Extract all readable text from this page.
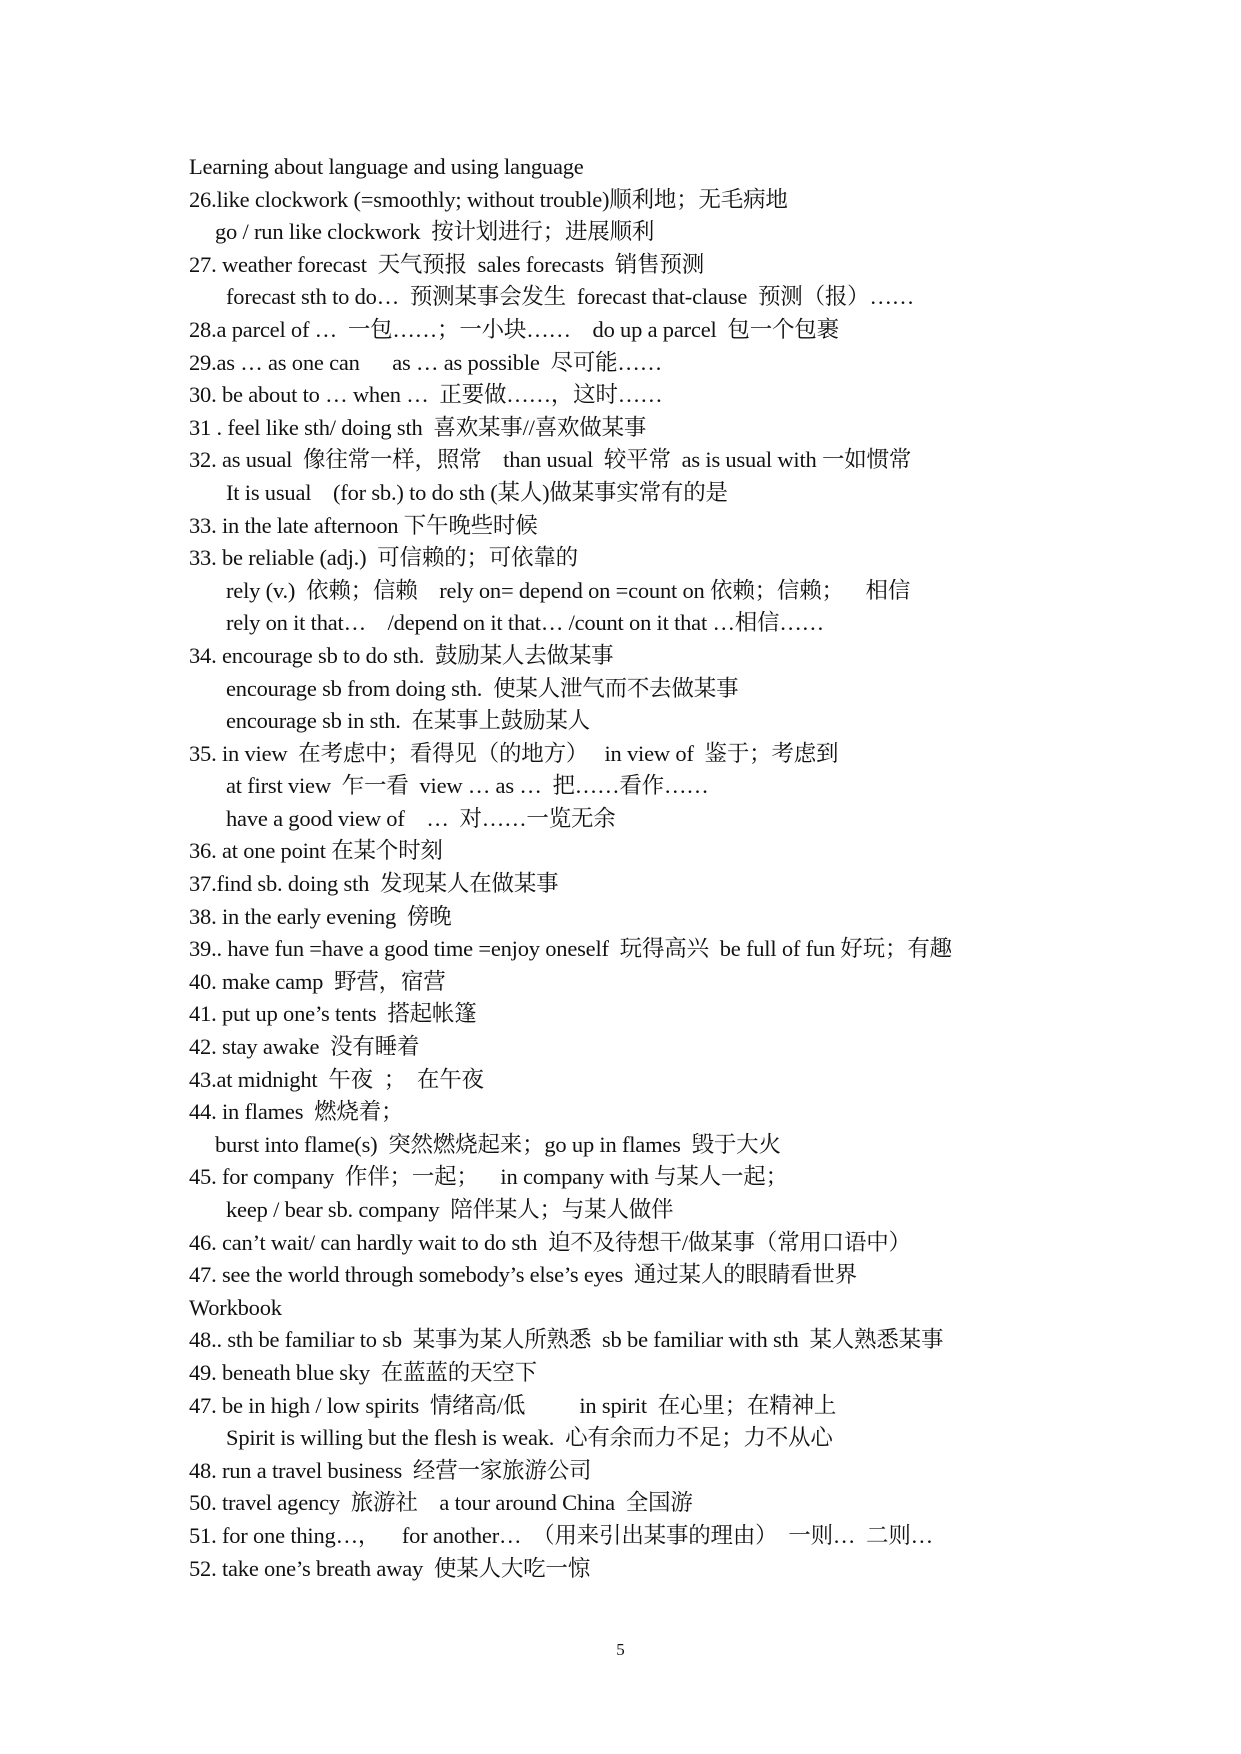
Learning about language and using language
26.like clockwork (=smoothly; without trouble)顺利地；无毛病地
go / run like clockwork  按计划进行；进展顺利
27. weather forecast  天气预报  sales forecasts  销售预测
forecast sth to do…  预测某事会发生  forecast that-clause  预测（报）……
28.a parcel of …  一包……；一小块……    do up a parcel  包一个包裹
29.as … as one can      as … as possible  尽可能……
30. be about to … when …  正要做……，这时……
31 . feel like sth/ doing sth  喜欢某事//喜欢做某事
32. as usual  像往常一样，照常    than usual  较平常  as is usual with 一如惯常
It is usual    (for sb.) to do sth (某人)做某事实常有的是
33. in the late afternoon 下午晚些时候
33. be reliable (adj.)  可信赖的；可依靠的
rely (v.)  依赖；信赖    rely on= depend on =count on 依赖；信赖；    相信
rely on it that…    /depend on it that… /count on it that …相信……
34. encourage sb to do sth.  鼓励某人去做某事
encourage sb from doing sth.  使某人泄气而不去做某事
encourage sb in sth.  在某事上鼓励某人
35. in view  在考虑中；看得见（的地方）   in view of  鉴于；考虑到
at first view  乍一看  view … as …  把……看作……
have a good view of    …  对……一览无余
36. at one point 在某个时刻
37.find sb. doing sth  发现某人在做某事
38. in the early evening  傍晚
39.. have fun =have a good time =enjoy oneself  玩得高兴  be full of fun 好玩；有趣
40. make camp  野营，宿营
41. put up one’s tents  搭起帐篷
42. stay awake  没有睡着
43.at midnight  午夜  ；  在午夜
44. in flames  燃烧着；
burst into flame(s)  突然燃烧起来；go up in flames  毁于大火
45. for company  作伴；一起；    in company with 与某人一起；
keep / bear sb. company  陪伴某人；与某人做伴
46. can’t wait/ can hardly wait to do sth  迫不及待想干/做某事（常用口语中）
47. see the world through somebody’s else’s eyes  通过某人的眼睛看世界
Workbook
48.. sth be familiar to sb  某事为某人所熟悉  sb be familiar with sth  某人熟悉某事
49. beneath blue sky  在蓝蓝的天空下
47. be in high / low spirits  情绪高/低          in spirit  在心里；在精神上
Spirit is willing but the flesh is weak.  心有余而力不足；力不从心
48. run a travel business  经营一家旅游公司
50. travel agency  旅游社    a tour around China  全国游
51. for one thing…，    for another…  （用来引出某事的理由）  一则…  二则…
52. take one’s breath away  使某人大吃一惊
5
